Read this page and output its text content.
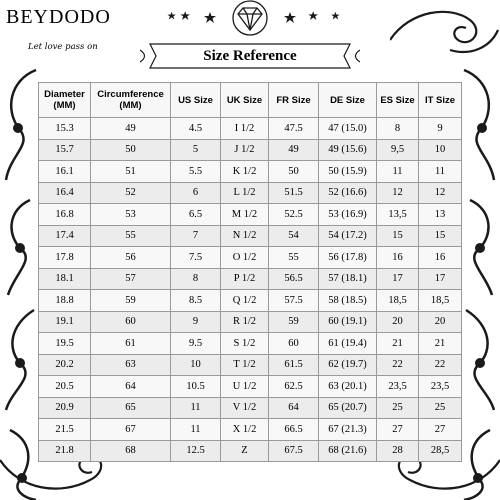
BEYDODO
Let love pass on
Size Reference
Diameter (MM)	Circumference (MM)	US Size	UK Size	FR Size	DE Size	ES Size	IT Size
15.3	49	4.5	I 1/2	47.5	47 (15.0)	8	9
15.7	50	5	J 1/2	49	49 (15.6)	9,5	10
16.1	51	5.5	K 1/2	50	50 (15.9)	11	11
16.4	52	6	L 1/2	51.5	52 (16.6)	12	12
16.8	53	6.5	M 1/2	52.5	53 (16.9)	13,5	13
17.4	55	7	N 1/2	54	54 (17.2)	15	15
17.8	56	7.5	O 1/2	55	56 (17.8)	16	16
18.1	57	8	P 1/2	56.5	57 (18.1)	17	17
18.8	59	8.5	Q 1/2	57.5	58 (18.5)	18,5	18,5
19.1	60	9	R 1/2	59	60 (19.1)	20	20
19.5	61	9.5	S 1/2	60	61 (19.4)	21	21
20.2	63	10	T 1/2	61.5	62 (19.7)	22	22
20.5	64	10.5	U 1/2	62.5	63 (20.1)	23,5	23,5
20.9	65	11	V 1/2	64	65 (20.7)	25	25
21.5	67	11	X 1/2	66.5	67 (21.3)	27	27
21.8	68	12.5	Z	67.5	68 (21.6)	28	28,5
